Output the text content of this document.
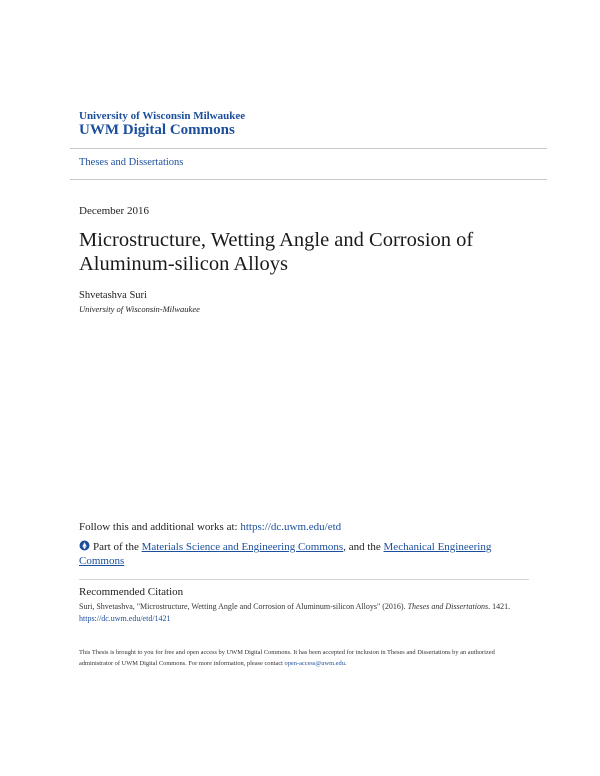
University of Wisconsin Milwaukee
UWM Digital Commons
Theses and Dissertations
December 2016
Microstructure, Wetting Angle and Corrosion of Aluminum-silicon Alloys
Shvetashva Suri
University of Wisconsin-Milwaukee
Follow this and additional works at: https://dc.uwm.edu/etd
Part of the Materials Science and Engineering Commons, and the Mechanical Engineering Commons
Recommended Citation
Suri, Shvetashva, "Microstructure, Wetting Angle and Corrosion of Aluminum-silicon Alloys" (2016). Theses and Dissertations. 1421.
https://dc.uwm.edu/etd/1421
This Thesis is brought to you for free and open access by UWM Digital Commons. It has been accepted for inclusion in Theses and Dissertations by an authorized administrator of UWM Digital Commons. For more information, please contact open-access@uwm.edu.
